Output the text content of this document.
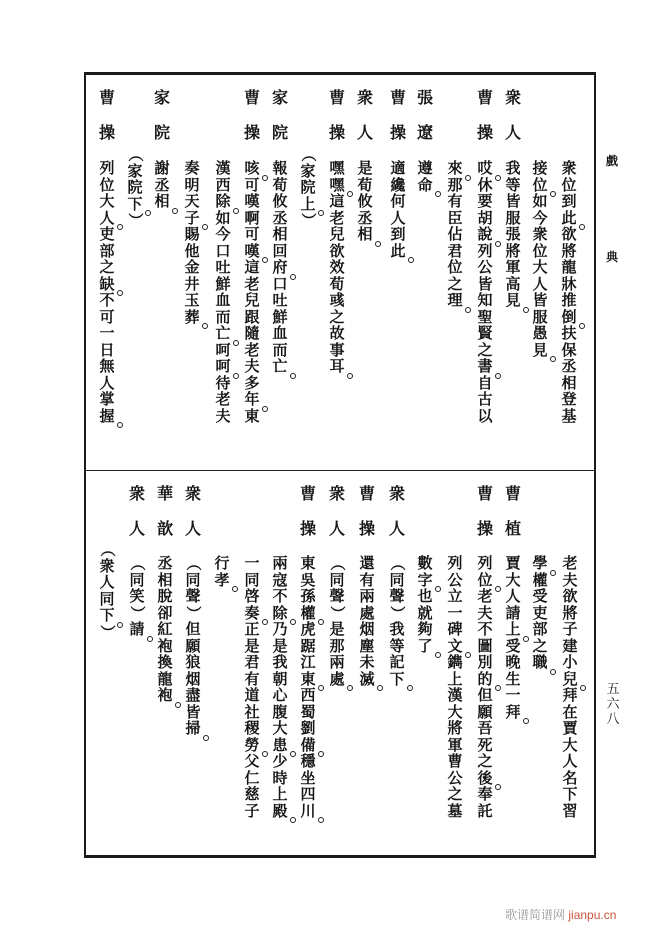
戲
典
五
六
八
衆
人
曹
操
張
遼
曹
操
衆
人
曹
操
家
院
曹
操
家
院
曹
操
衆
位
到
此
欲
將
龍
牀
推
倒
扶
保
丞
相
登
基
接
位
如
今
衆
位
大
人
皆
服
愚
見
我
等
皆
服
張
將
軍
高
見
哎
休
要
胡
說
列
公
皆
知
聖
賢
之
書
自
古
以
來
那
有
臣
佔
君
位
之
理
遵
命
適
纔
何
人
到
此
是
荀
攸
丞
相
嘿
嘿
這
老
兒
欲
效
荀
彧
之
故
事
耳
（
家
院
上
）
報
荀
攸
丞
相
回
府
口
吐
鮮
血
而
亡
咳
可
嘆
啊
可
嘆
這
老
兒
跟
隨
老
夫
多
年
東
漢
西
除
如
今
口
吐
鮮
血
而
亡
呵
呵
待
老
夫
奏
明
天
子
賜
他
金
井
玉
葬
謝
丞
相
（
家
院
下
）
列
位
大
人
吏
部
之
缺
不
可
一
日
無
人
掌
握
曹
植
曹
操
衆
人
曹
操
衆
人
曹
操
衆
人
華
歆
衆
人
老
夫
欲
將
子
建
小
兒
拜
在
賈
大
人
名
下
習
學
權
受
吏
部
之
職
賈
大
人
請
上
受
晚
生
一
拜
列
位
老
夫
不
圖
別
的
但
願
吾
死
之
後
奉
託
列
公
立
一
碑
文
鐫
上
漢
大
將
軍
曹
公
之
墓
數
字
也
就
夠
了
（
同
聲
）
我
等
記
下
還
有
兩
處
烟
塵
未
滅
（
同
聲
）
是
那
兩
處
東
吳
孫
權
虎
踞
江
東
西
蜀
劉
備
穩
坐
四
川
兩
寇
不
除
乃
是
我
朝
心
腹
大
患
少
時
上
殿
一
同
啓
奏
正
是
君
有
道
社
稷
勞
父
仁
慈
子
行
孝
（
同
聲
）
但
願
狼
烟
盡
皆
掃
丞
相
脫
卻
紅
袍
換
龍
袍
（
同
笑
）
請
（
衆
人
同
下
）
歌谱简谱网 jianpu.cn
